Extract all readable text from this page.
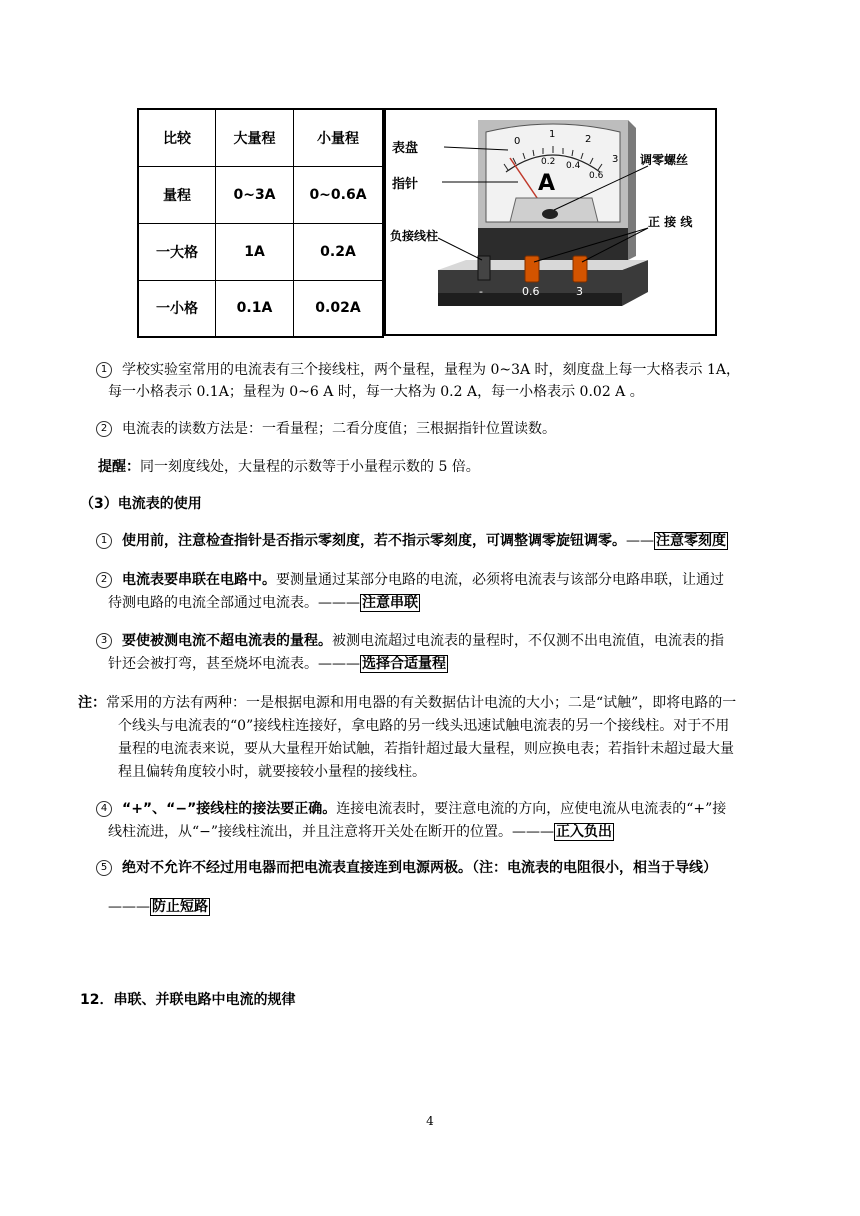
比较	大量程	小量程
量程	0~3A	0~0.6A
一大格	1A	0.2A
一小格	0.1A	0.02A
0
1	2
3
0.2 0.4
0.6
A
-	0.6	3
表盘
指针
调零螺丝
负接线柱
正 接 线
1 学校实验室常用的电流表有三个接线柱，两个量程，量程为 0~3A 时，刻度盘上每一大格表示 1A，
每一小格表示 0.1A；量程为 0~6 A 时，每一大格为 0.2 A，每一小格表示 0.02 A 。
2 电流表的读数方法是：一看量程；二看分度值；三根据指针位置读数。
提醒：同一刻度线处，大量程的示数等于小量程示数的 5 倍。
（3）电流表的使用
1 使用前，注意检查指针是否指示零刻度，若不指示零刻度，可调整调零旋钮调零。—— 注意零刻度
2 电流表要串联在电路中。要测量通过某部分电路的电流，必须将电流表与该部分电路串联，让通过
待测电路的电流全部通过电流表。——— 注意串联
3 要使被测电流不超电流表的量程。被测电流超过电流表的量程时，不仅测不出电流值，电流表的指
针还会被打弯，甚至烧坏电流表。——— 选择合适量程
注：常采用的方法有两种：一是根据电源和用电器的有关数据估计电流的大小；二是“试触”，即将电路的一
个线头与电流表的“0”接线柱连接好，拿电路的另一线头迅速试触电流表的另一个接线柱。对于不用
量程的电流表来说，要从大量程开始试触，若指针超过最大量程，则应换电表；若指针未超过最大量
程且偏转角度较小时，就要接较小量程的接线柱。
4 “+”、“−”接线柱的接法要正确。连接电流表时，要注意电流的方向，应使电流从电流表的“+”接
线柱流进，从“−”接线柱流出，并且注意将开关处在断开的位置。——— 正入负出
5 绝对不允许不经过用电器而把电流表直接连到电源两极。（注：电流表的电阻很小，相当于导线）
——— 防止短路
12．串联、并联电路中电流的规律
4
